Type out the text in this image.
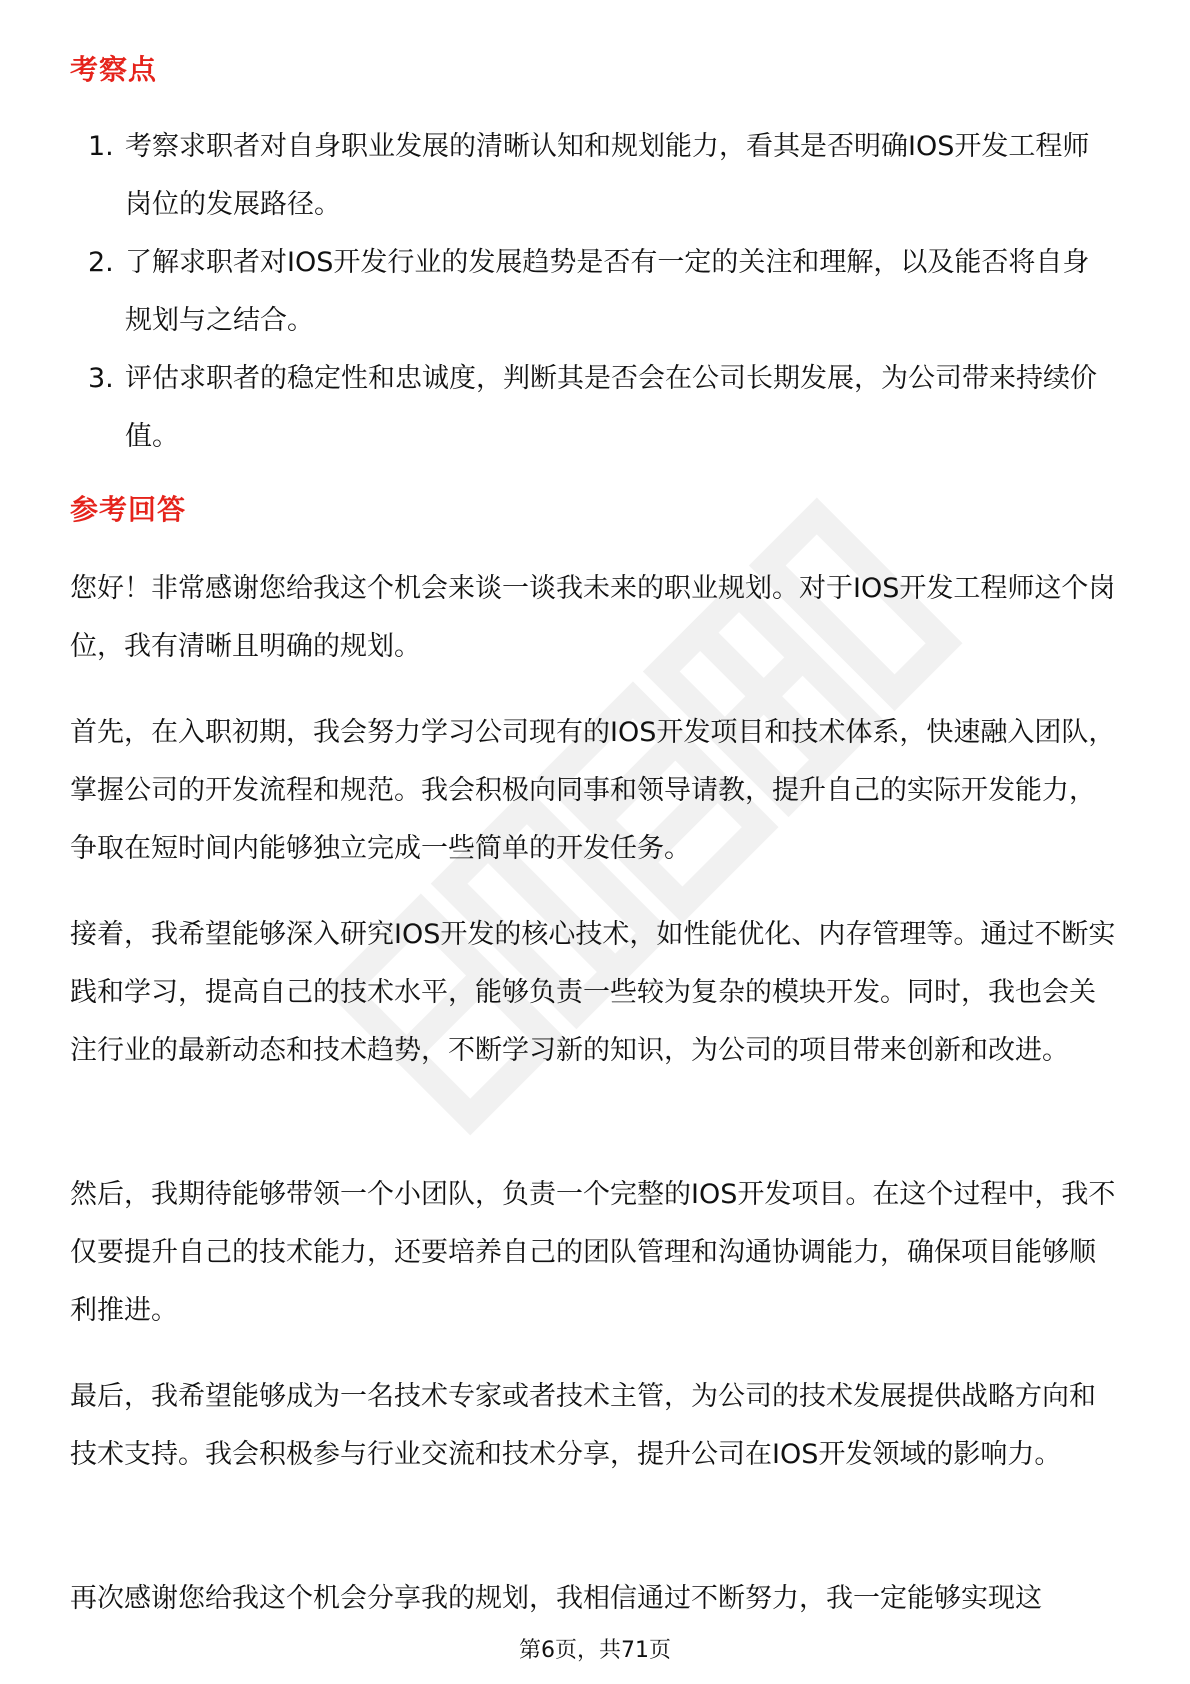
考察点
1. 考察求职者对自身职业发展的清晰认知和规划能力，看其是否明确IOS开发工程师岗位的发展路径。
2. 了解求职者对IOS开发行业的发展趋势是否有一定的关注和理解，以及能否将自身规划与之结合。
3. 评估求职者的稳定性和忠诚度，判断其是否会在公司长期发展，为公司带来持续价值。
参考回答

您好！非常感谢您给我这个机会来谈一谈我未来的职业规划。对于IOS开发工程师这个岗位，我有清晰且明确的规划。

首先，在入职初期，我会努力学习公司现有的IOS开发项目和技术体系，快速融入团队，掌握公司的开发流程和规范。我会积极向同事和领导请教，提升自己的实际开发能力，争取在短时间内能够独立完成一些简单的开发任务。

接着，我希望能够深入研究IOS开发的核心技术，如性能优化、内存管理等。通过不断实践和学习，提高自己的技术水平，能够负责一些较为复杂的模块开发。同时，我也会关注行业的最新动态和技术趋势，不断学习新的知识，为公司的项目带来创新和改进。

然后，我期待能够带领一个小团队，负责一个完整的IOS开发项目。在这个过程中，我不仅要提升自己的技术能力，还要培养自己的团队管理和沟通协调能力，确保项目能够顺利推进。

最后，我希望能够成为一名技术专家或者技术主管，为公司的技术发展提供战略方向和技术支持。我会积极参与行业交流和技术分享，提升公司在IOS开发领域的影响力。

再次感谢您给我这个机会分享我的规划，我相信通过不断努力，我一定能够实现这

第6页，共71页
